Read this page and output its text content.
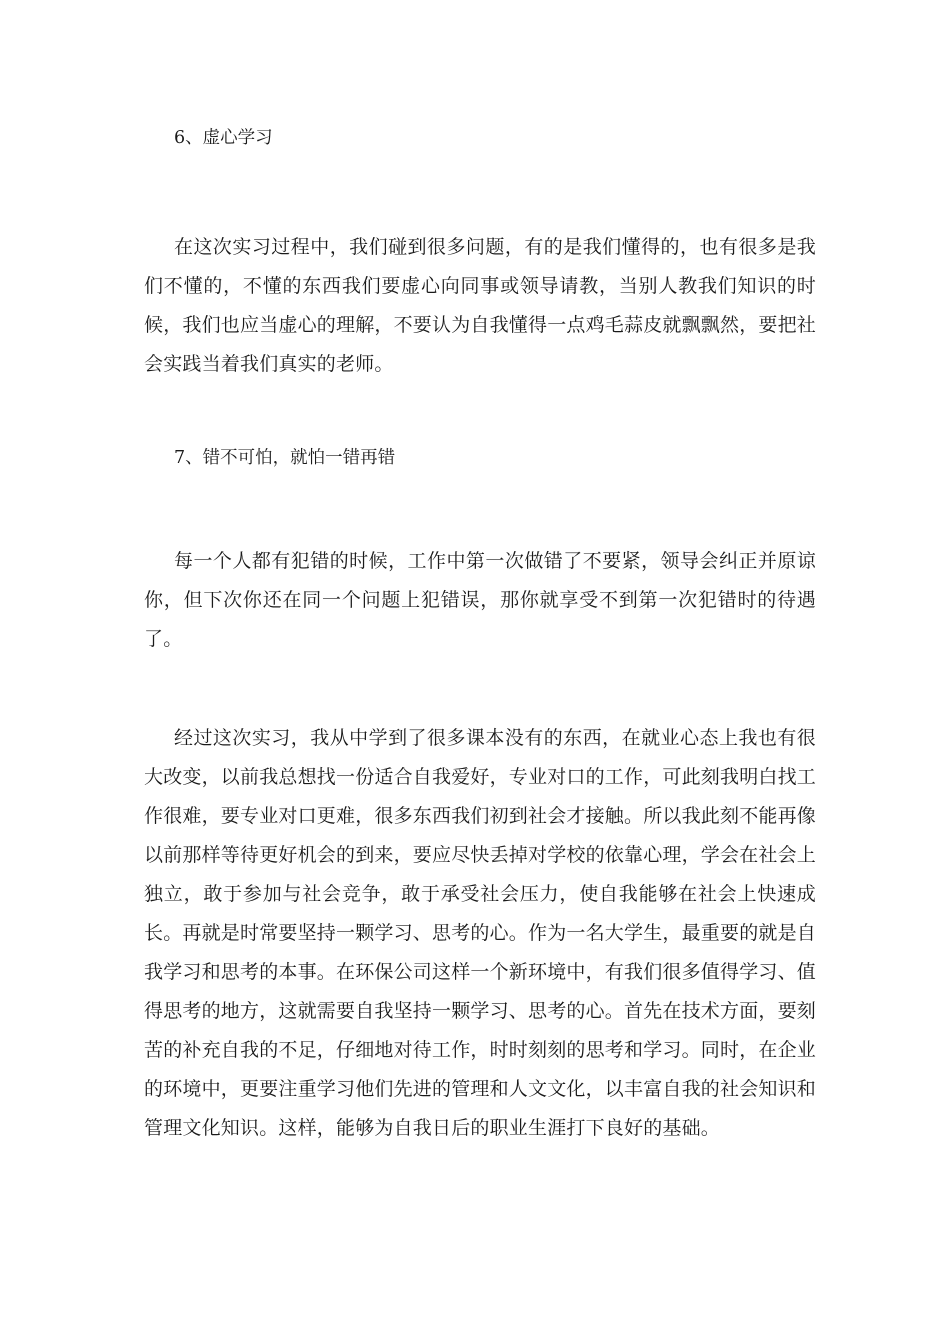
6、虚心学习

在这次实习过程中，我们碰到很多问题，有的是我们懂得的，也有很多是我们不懂的，不懂的东西我们要虚心向同事或领导请教，当别人教我们知识的时候，我们也应当虚心的理解，不要认为自我懂得一点鸡毛蒜皮就飘飘然，要把社会实践当着我们真实的老师。

7、错不可怕，就怕一错再错

每一个人都有犯错的时候，工作中第一次做错了不要紧，领导会纠正并原谅你，但下次你还在同一个问题上犯错误，那你就享受不到第一次犯错时的待遇了。

经过这次实习，我从中学到了很多课本没有的东西，在就业心态上我也有很大改变，以前我总想找一份适合自我爱好，专业对口的工作，可此刻我明白找工作很难，要专业对口更难，很多东西我们初到社会才接触。所以我此刻不能再像以前那样等待更好机会的到来，要应尽快丢掉对学校的依靠心理，学会在社会上独立，敢于参加与社会竞争，敢于承受社会压力，使自我能够在社会上快速成长。再就是时常要坚持一颗学习、思考的心。作为一名大学生，最重要的就是自我学习和思考的本事。在环保公司这样一个新环境中，有我们很多值得学习、值得思考的地方，这就需要自我坚持一颗学习、思考的心。首先在技术方面，要刻苦的补充自我的不足，仔细地对待工作，时时刻刻的思考和学习。同时，在企业的环境中，更要注重学习他们先进的管理和人文文化，以丰富自我的社会知识和管理文化知识。这样，能够为自我日后的职业生涯打下良好的基础。
